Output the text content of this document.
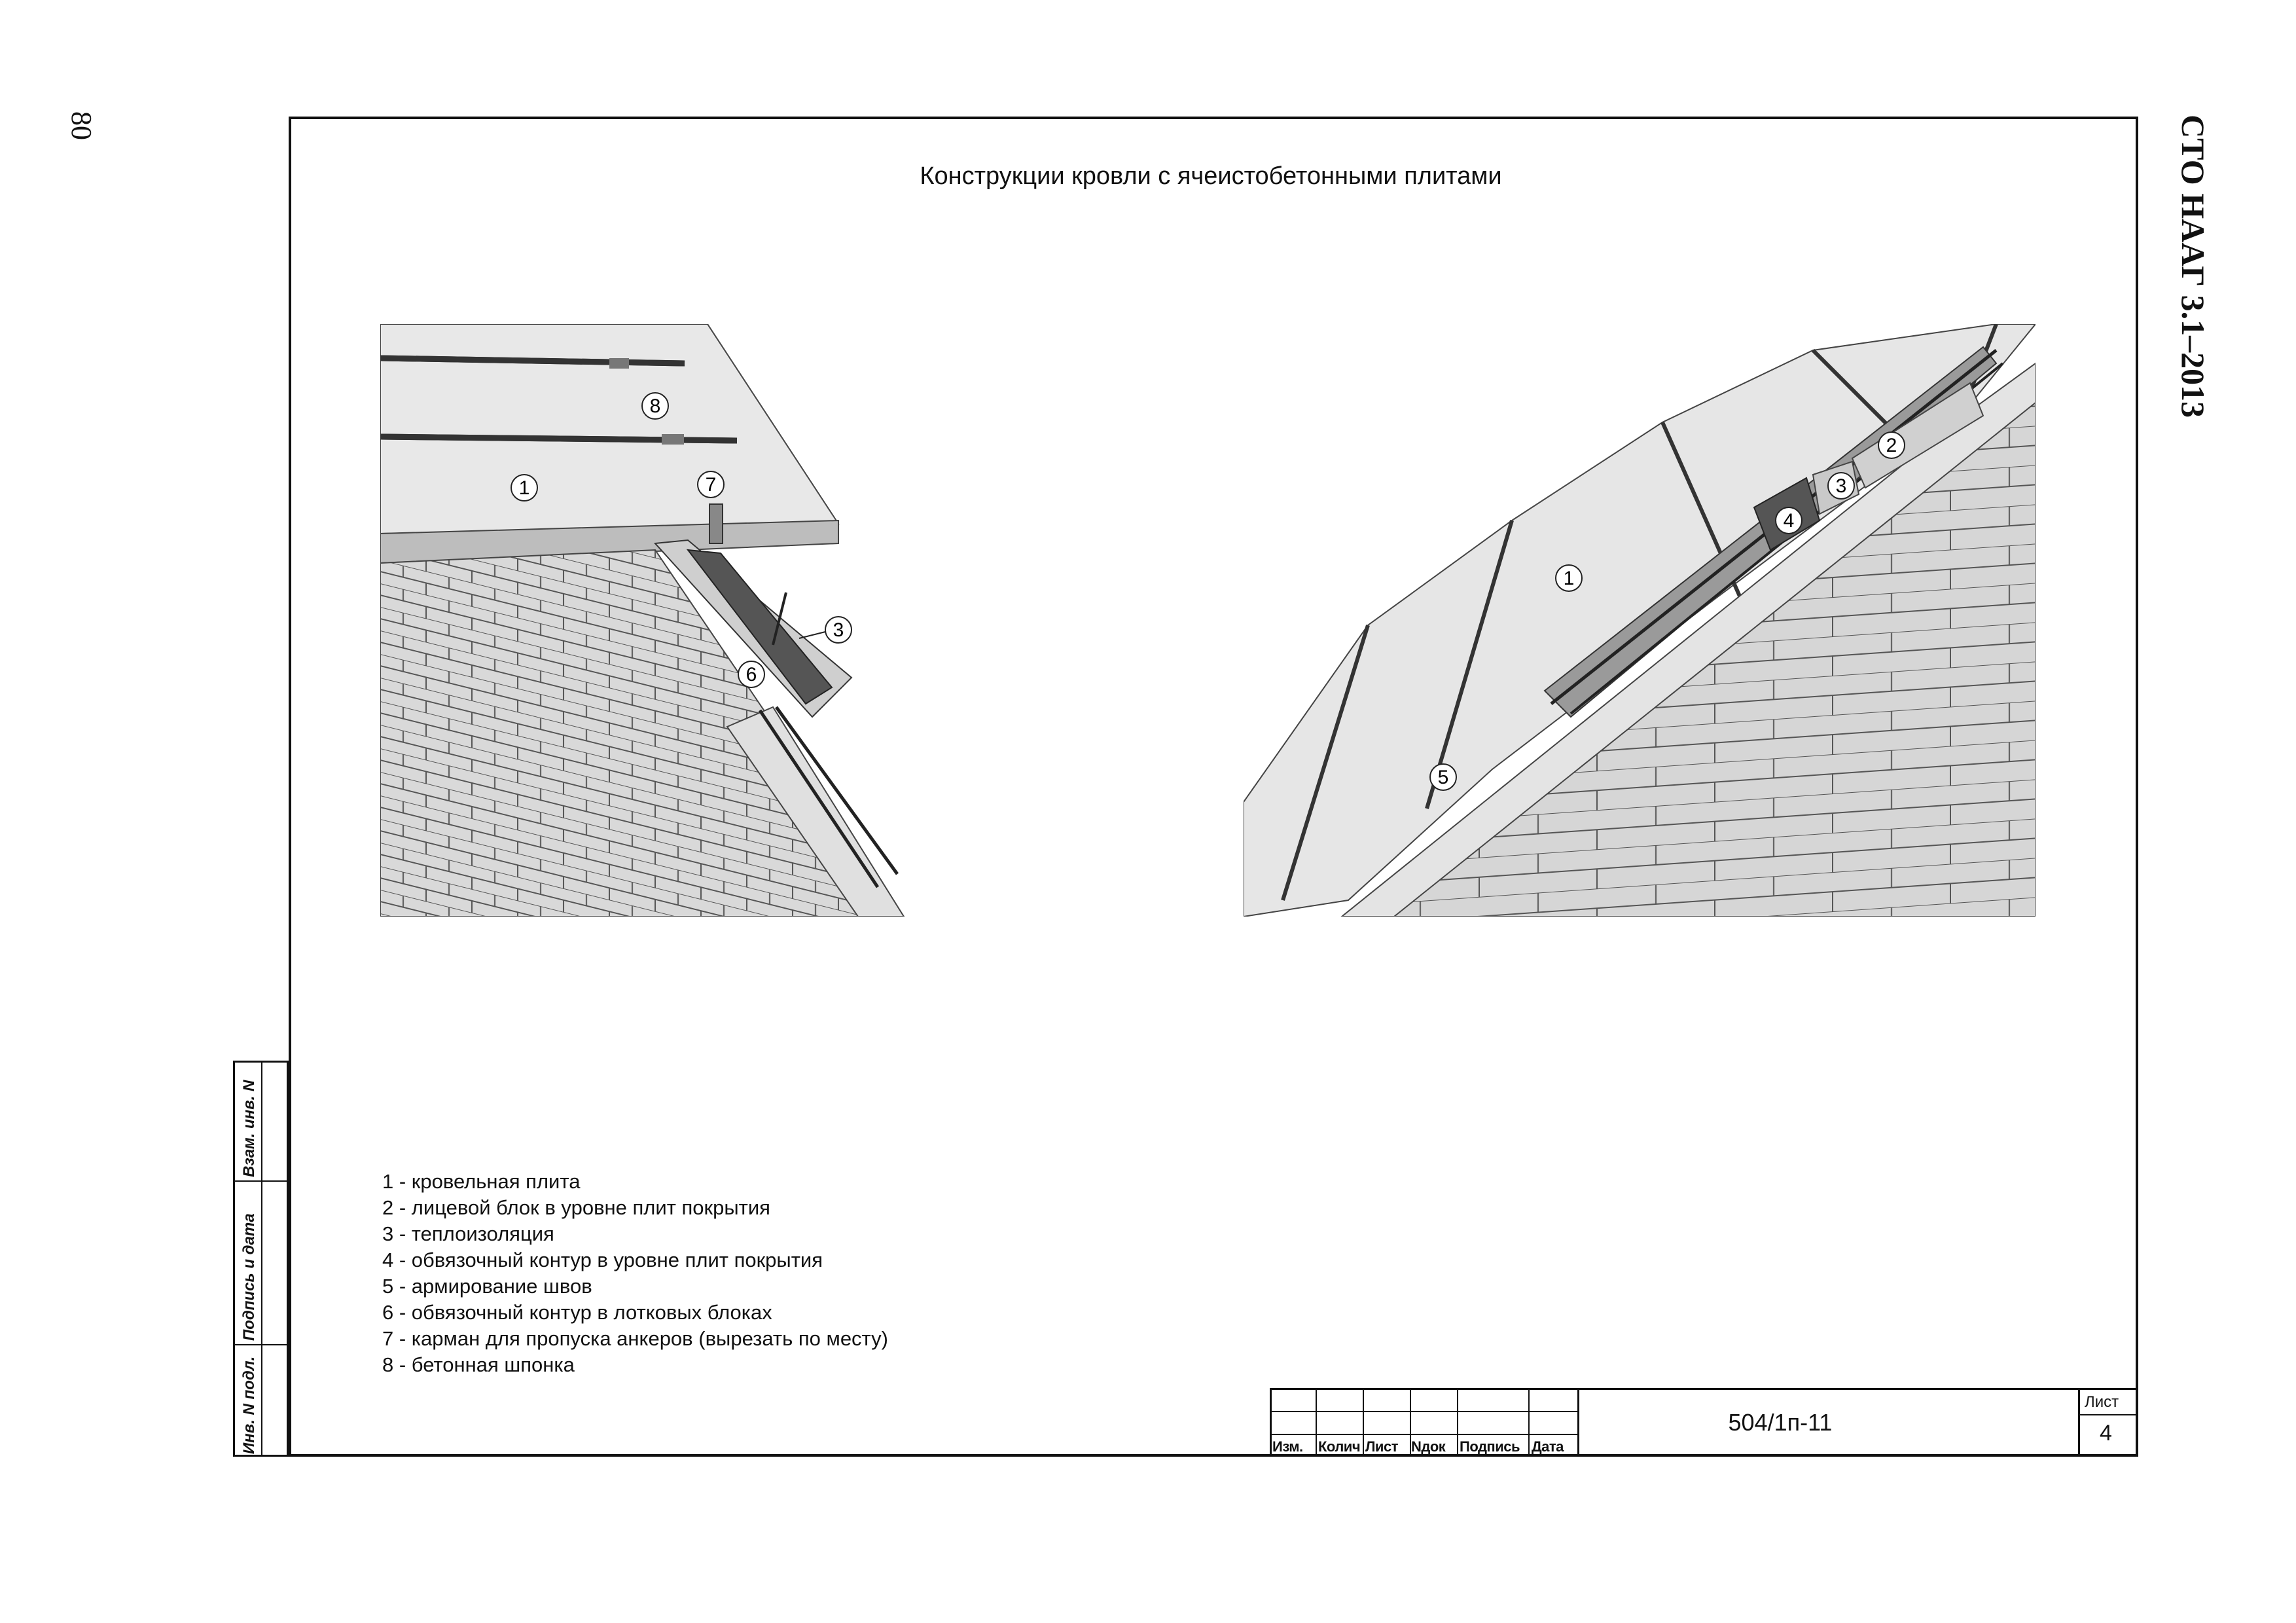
80	СТО НААГ 3.1–2013
Конструкции кровли с ячеистобетонными плитами
8
1	7
3
6
2
3
4
1
5
1 - кровельная плита
2 - лицевой блок в уровне плит покрытия
3 - теплоизоляция
4 - обвязочный контур в уровне плит покрытия
5 - армирование швов
6 - обвязочный контур в лотковых блоках
7 - карман для пропуска анкеров (вырезать по месту)
8 - бетонная шпонка
Инв. N подл.
Подпись и дата
Взам. инв. N
Изм. Колич Лист Nдок Подпись Дата
504/1п-11
Лист
4
